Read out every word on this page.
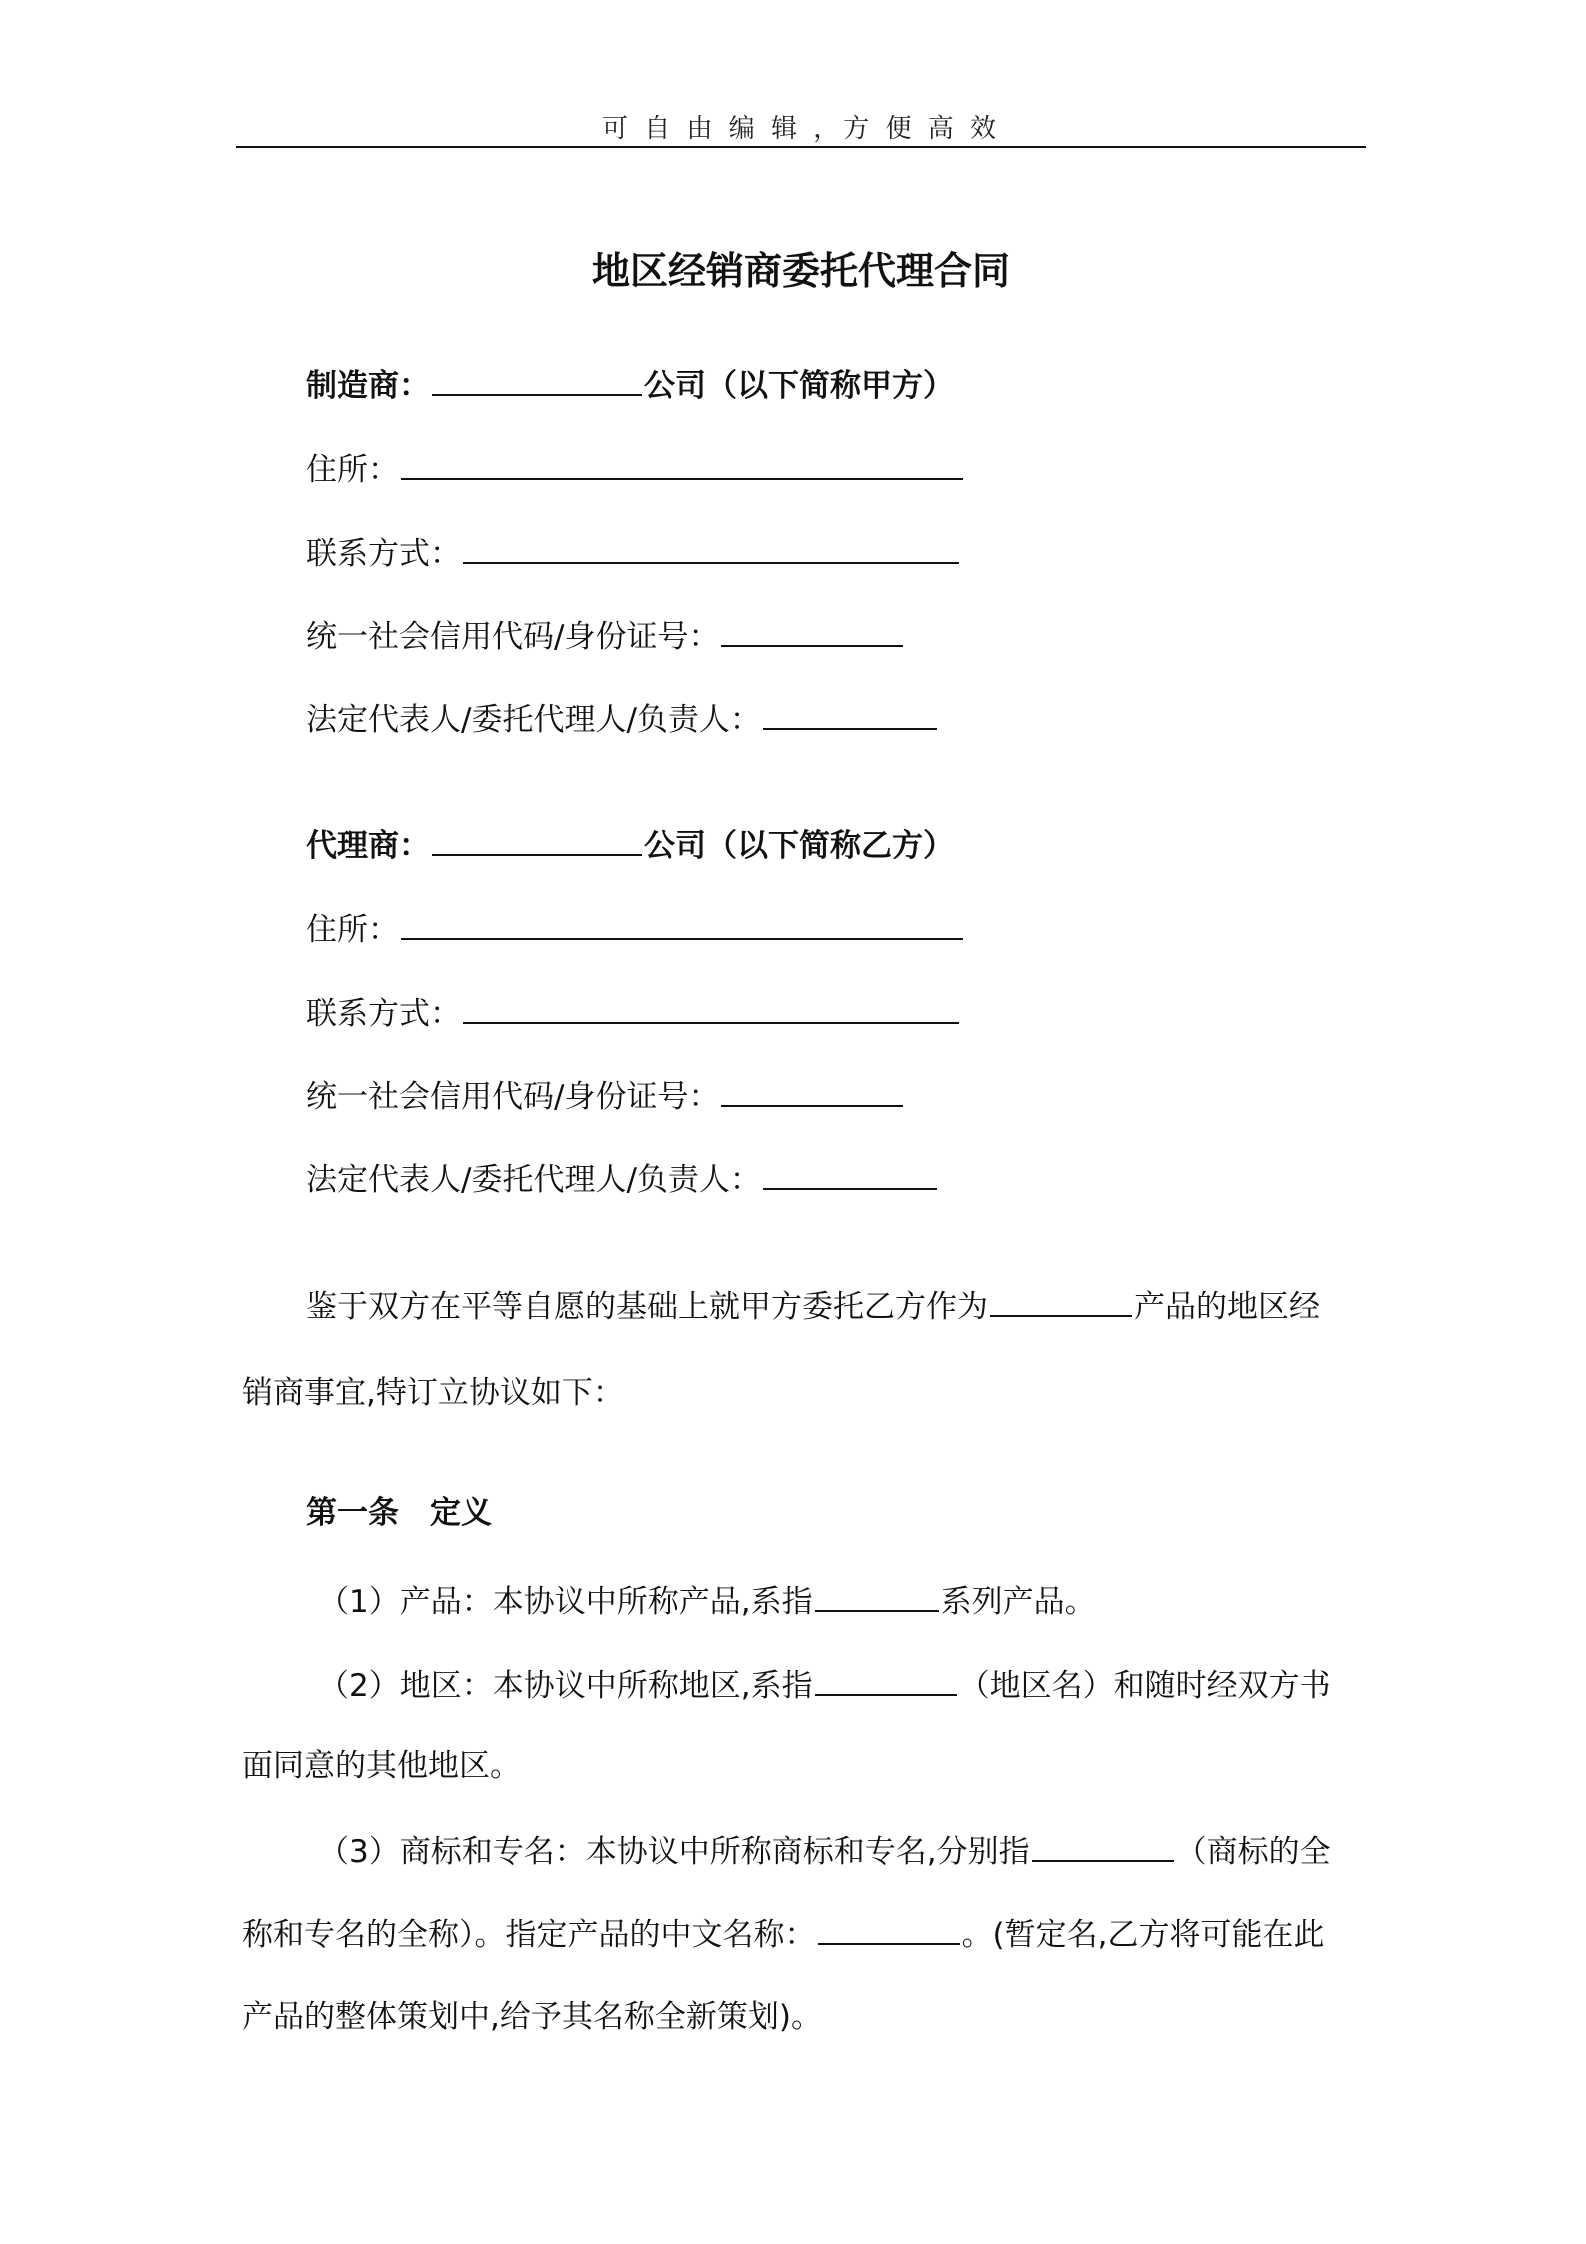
可 自 由 编 辑 ，方 便 高 效
地区经销商委托代理合同
制造商：	公司（以下简称甲方）
住所：
联系方式：
统一社会信用代码/身份证号：
法定代表人/委托代理人/负责人：
代理商：	公司（以下简称乙方）
住所：
联系方式：
统一社会信用代码/身份证号：
法定代表人/委托代理人/负责人：
鉴于双方在平等自愿的基础上就甲方委托乙方作为	产品的地区经
销商事宜,特订立协议如下：
第一条　定义
（1）产品：本协议中所称产品,系指	系列产品。
（2）地区：本协议中所称地区,系指	（地区名）和随时经双方书
面同意的其他地区。
（3）商标和专名：本协议中所称商标和专名,分别指	（商标的全
称和专名的全称）。指定产品的中文名称：	。(暂定名,乙方将可能在此
产品的整体策划中,给予其名称全新策划)。
